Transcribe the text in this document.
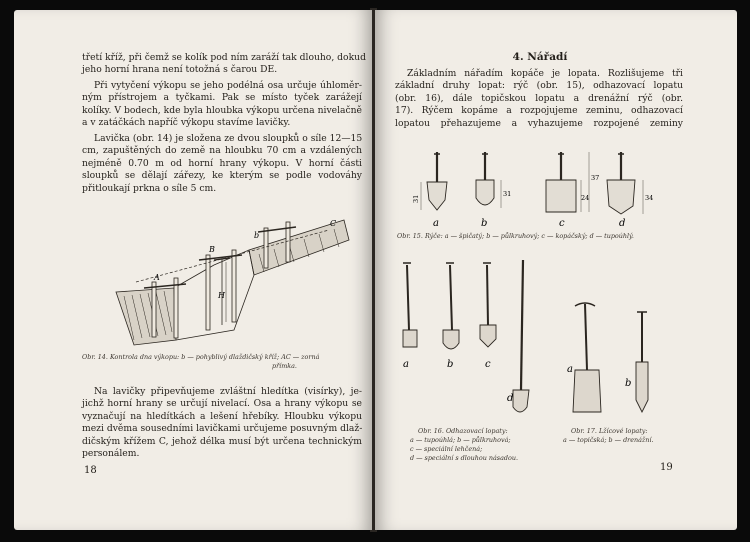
třetí kříž, při čemž se kolík pod ním zaráží tak dlouho, dokud
jeho horní hrana není totožná s čarou DE.
Při vytyčení výkopu se jeho podélná osa určuje úhloměr-
ným přístrojem a tyčkami. Pak se místo tyček zarážejí
kolíky. V bodech, kde byla hloubka výkopu určena nivelačně
a v zatáčkách napříč výkopu stavíme lavičky.
Lavička (obr. 14) je složena ze dvou sloupků o síle 12—15
cm, zapuštěných do země na hloubku 70 cm a vzdálených
nejméně 0.70 m od horní hrany výkopu. V horní části
sloupků se dělají zářezy, ke kterým se podle vodováhy
přitloukají prkna o síle 5 cm.
A
B
b
H
C
Obr. 14. Kontrola dna výkopu: b — pohyblivý dlaždičský kříž; AC — zorná
přímka.
Na lavičky připevňujeme zvláštní hledítka (visírky), je-
jichž horní hrany se určují nivelací. Osa a hrany výkopu se
vyznačují na hledítkách a lešení hřebíky. Hloubku výkopu
mezi dvěma sousedními lavičkami určujeme posuvným dlaž-
dičským křížem C, jehož délka musí být určena technickým
personálem.
18
4. Nářadí
Základním nářadím kopáče je lopata. Rozlišujeme tři
základní druhy lopat: rýč (obr. 15), odhazovací lopatu
(obr. 16), dále topičskou lopatu a drenážní rýč (obr.
17). Rýčem kopáme a rozpojujeme zeminu, odhazovací
lopatou přehazujeme a vyhazujeme rozpojené zeminy
31
31	24
37
34
a	b	c	d
Obr. 15. Rýče: a — špičatý; b — půlkruhový; c — kopáčský; d — tupoúhlý.
a	b	c
d
Obr. 16. Odhazovací lopaty:
a — tupoúhlá; b — půlkruhová;
c — speciální lehčená;
d — speciální s dlouhou násadou.
a
b
Obr. 17. Lžícové lopaty:
a — topičská; b — drenážní.
19
